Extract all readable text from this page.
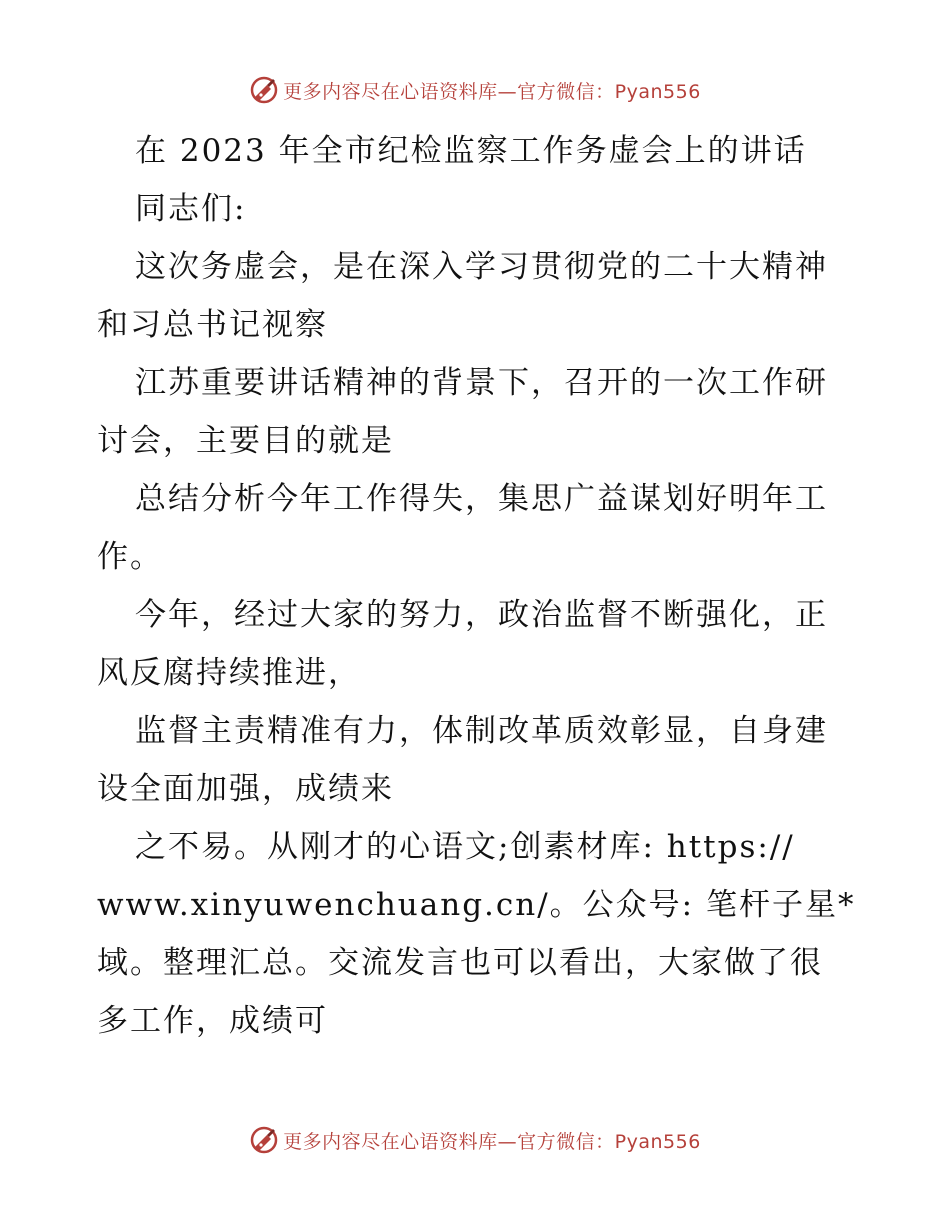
更多内容尽在心语资料库—官方微信：Pyan556
在 2023 年全市纪检监察工作务虚会上的讲话
同志们:
这次务虚会，是在深入学习贯彻党的二十大精神
和习总书记视察
江苏重要讲话精神的背景下，召开的一次工作研
讨会，主要目的就是
总结分析今年工作得失，集思广益谋划好明年工
作。
今年，经过大家的努力，政治监督不断强化，正
风反腐持续推进，
监督主责精准有力，体制改革质效彰显，自身建
设全面加强，成绩来
之不易。从刚才的心语文;创素材库: https://
www.xinyuwenchuang.cn/。公众号: 笔杆子星*
域。整理汇总。交流发言也可以看出，大家做了很
多工作，成绩可
更多内容尽在心语资料库—官方微信：Pyan556
